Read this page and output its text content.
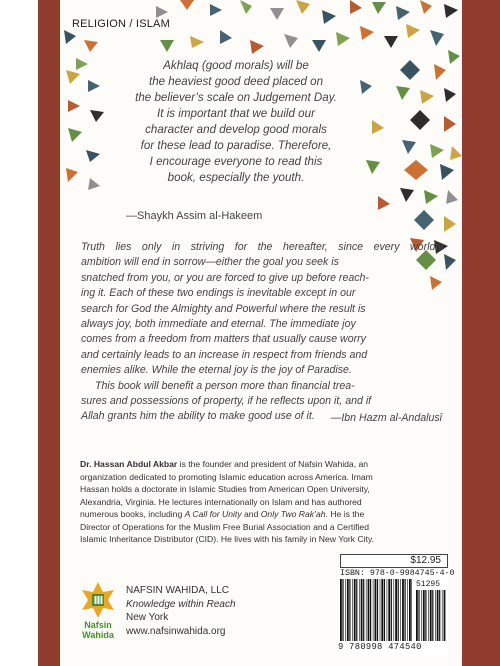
RELIGION / ISLAM
Akhlaq (good morals) will be
the heaviest good deed placed on
the believer’s scale on Judgement Day.
It is important that we build our
character and develop good morals
for these lead to paradise. Therefore,
I encourage everyone to read this
book, especially the youth.
—Shaykh Assim al-Hakeem
Truth lies only in striving for the hereafter, since every worldly
ambition will end in sorrow—either the goal you seek is
snatched from you, or you are forced to give up before reach-
ing it. Each of these two endings is inevitable except in our
search for God the Almighty and Powerful where the result is
always joy, both immediate and eternal. The immediate joy
comes from a freedom from matters that usually cause worry
and certainly leads to an increase in respect from friends and
enemies alike. While the eternal joy is the joy of Paradise.
This book will benefit a person more than financial trea-
sures and possessions of property, if he reflects upon it, and if
Allah grants him the ability to make good use of it.	—Ibn Hazm al-Andalusī
Dr. Hassan Abdul Akbar is the founder and president of Nafsin Wahida, an
organization dedicated to promoting Islamic education across America. Imam
Hassan holds a doctorate in Islamic Studies from American Open University,
Alexandria, Virginia. He lectures internationally on Islam and has authored
numerous books, including A Call for Unity and Only Two Rak’ah. He is the
Director of Operations for the Muslim Free Burial Association and a Certified
Islamic Inheritance Distributor (CID). He lives with his family in New York City.
Nafsin
Wahida
NAFSIN WAHIDA, LLC
Knowledge within Reach
New York
www.nafsinwahida.org
$12.95
ISBN: 978-0-9984745-4-0
51295
9 780998 474540
